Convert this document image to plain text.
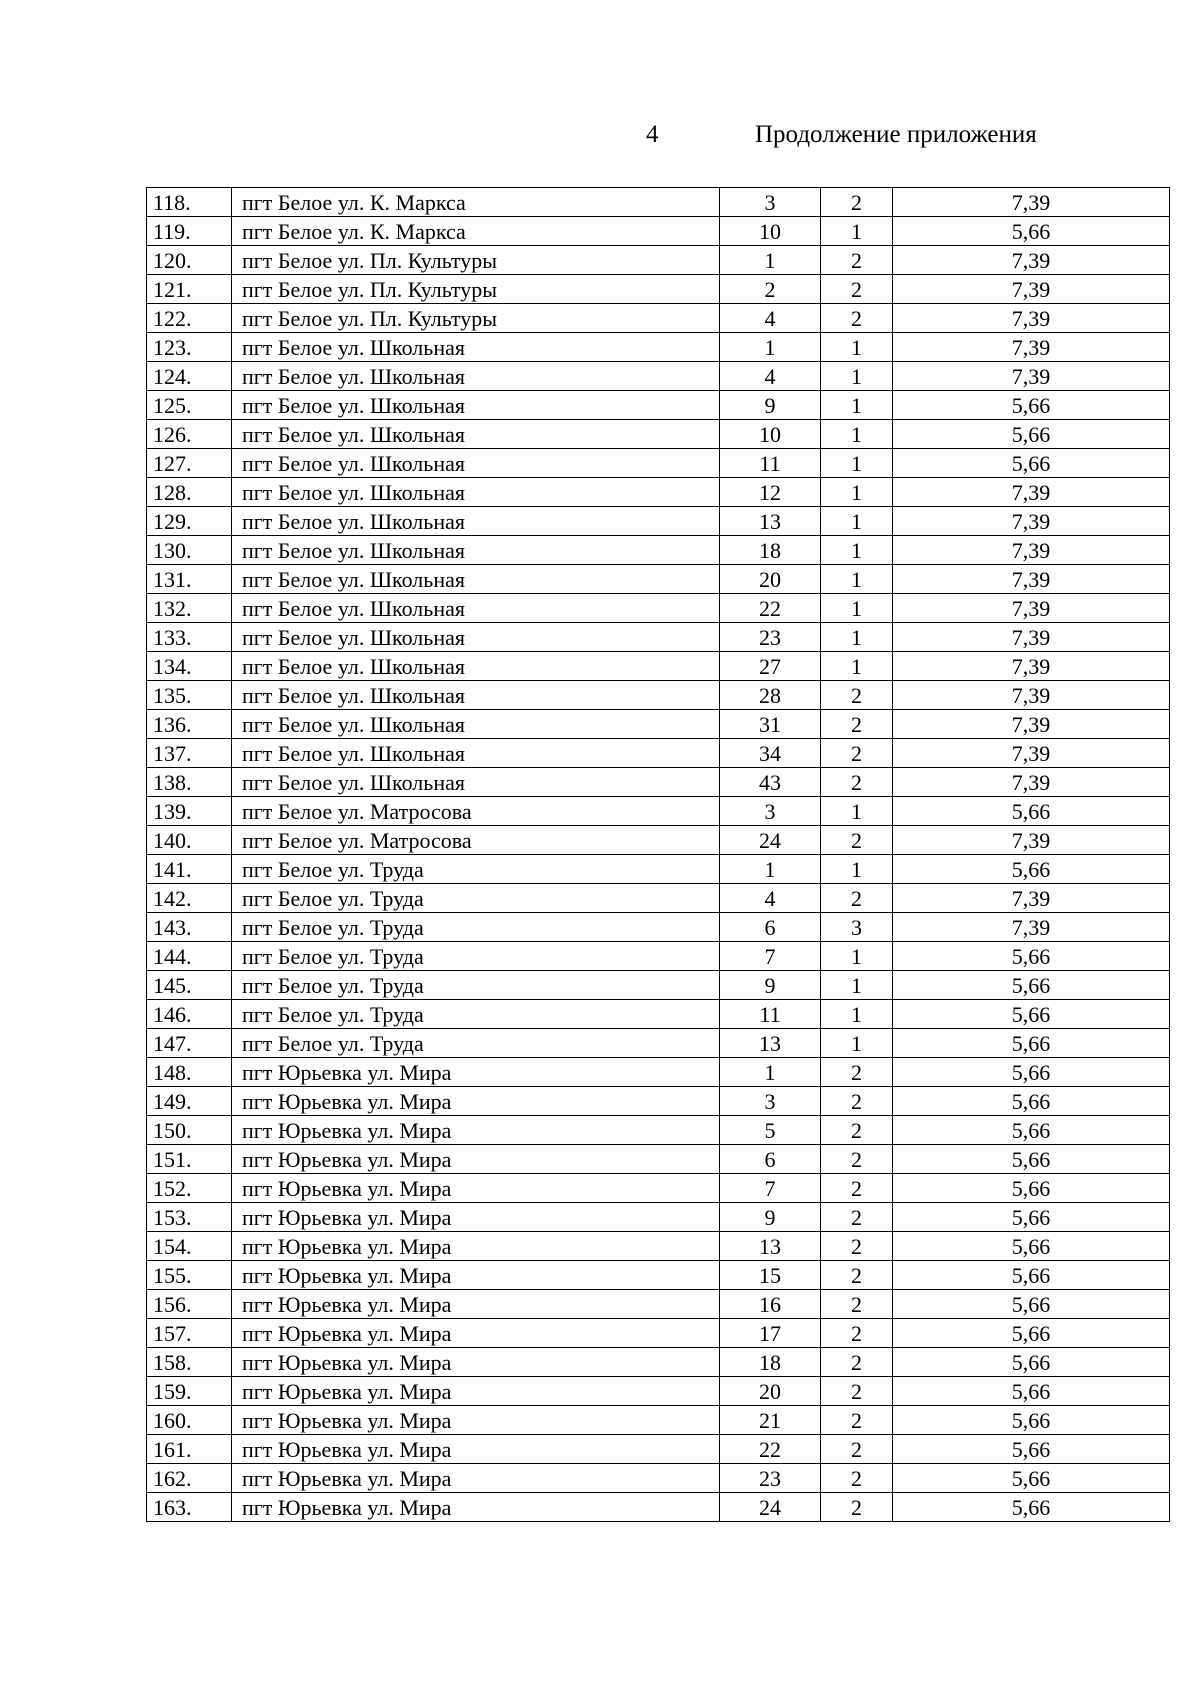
4	Продолжение приложения
118.	пгт Белое ул. К. Маркса	3	2	7,39
119.	пгт Белое ул. К. Маркса	10	1	5,66
120.	пгт Белое ул. Пл. Культуры	1	2	7,39
121.	пгт Белое ул. Пл. Культуры	2	2	7,39
122.	пгт Белое ул. Пл. Культуры	4	2	7,39
123.	пгт Белое ул. Школьная	1	1	7,39
124.	пгт Белое ул. Школьная	4	1	7,39
125.	пгт Белое ул. Школьная	9	1	5,66
126.	пгт Белое ул. Школьная	10	1	5,66
127.	пгт Белое ул. Школьная	11	1	5,66
128.	пгт Белое ул. Школьная	12	1	7,39
129.	пгт Белое ул. Школьная	13	1	7,39
130.	пгт Белое ул. Школьная	18	1	7,39
131.	пгт Белое ул. Школьная	20	1	7,39
132.	пгт Белое ул. Школьная	22	1	7,39
133.	пгт Белое ул. Школьная	23	1	7,39
134.	пгт Белое ул. Школьная	27	1	7,39
135.	пгт Белое ул. Школьная	28	2	7,39
136.	пгт Белое ул. Школьная	31	2	7,39
137.	пгт Белое ул. Школьная	34	2	7,39
138.	пгт Белое ул. Школьная	43	2	7,39
139.	пгт Белое ул. Матросова	3	1	5,66
140.	пгт Белое ул. Матросова	24	2	7,39
141.	пгт Белое ул. Труда	1	1	5,66
142.	пгт Белое ул. Труда	4	2	7,39
143.	пгт Белое ул. Труда	6	3	7,39
144.	пгт Белое ул. Труда	7	1	5,66
145.	пгт Белое ул. Труда	9	1	5,66
146.	пгт Белое ул. Труда	11	1	5,66
147.	пгт Белое ул. Труда	13	1	5,66
148.	пгт Юрьевка ул. Мира	1	2	5,66
149.	пгт Юрьевка ул. Мира	3	2	5,66
150.	пгт Юрьевка ул. Мира	5	2	5,66
151.	пгт Юрьевка ул. Мира	6	2	5,66
152.	пгт Юрьевка ул. Мира	7	2	5,66
153.	пгт Юрьевка ул. Мира	9	2	5,66
154.	пгт Юрьевка ул. Мира	13	2	5,66
155.	пгт Юрьевка ул. Мира	15	2	5,66
156.	пгт Юрьевка ул. Мира	16	2	5,66
157.	пгт Юрьевка ул. Мира	17	2	5,66
158.	пгт Юрьевка ул. Мира	18	2	5,66
159.	пгт Юрьевка ул. Мира	20	2	5,66
160.	пгт Юрьевка ул. Мира	21	2	5,66
161.	пгт Юрьевка ул. Мира	22	2	5,66
162.	пгт Юрьевка ул. Мира	23	2	5,66
163.	пгт Юрьевка ул. Мира	24	2	5,66
